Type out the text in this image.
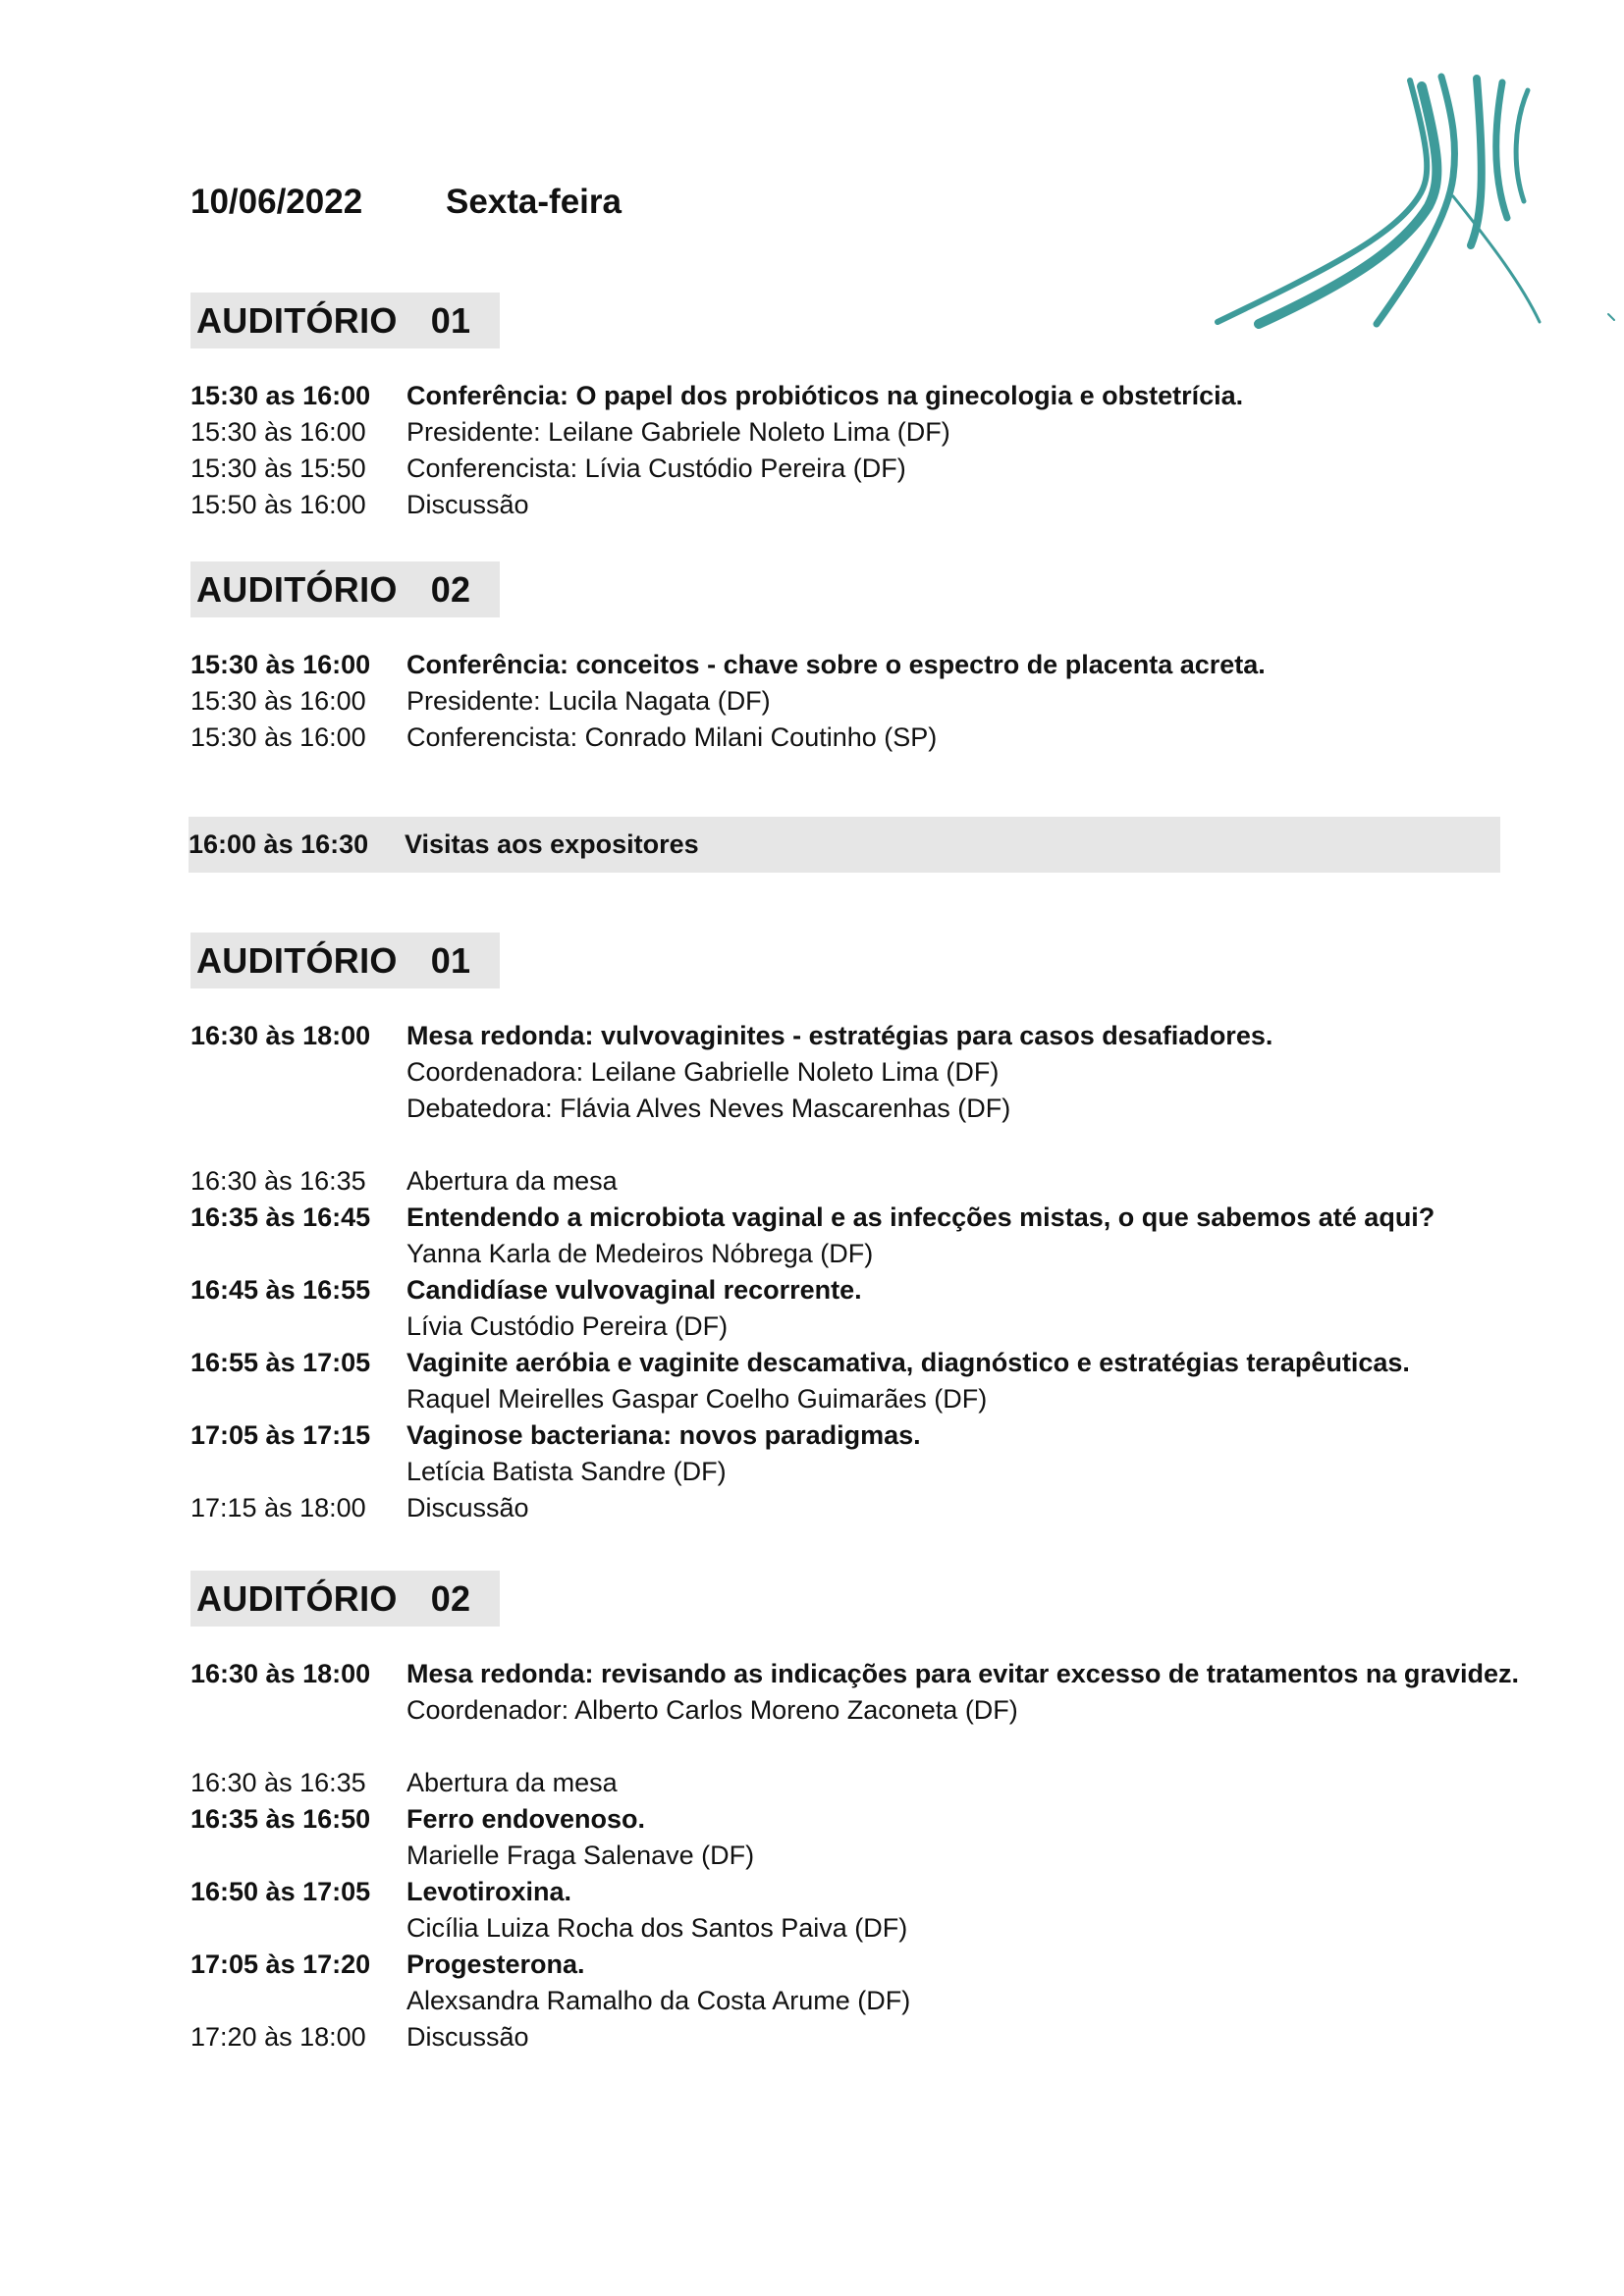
10/06/2022 Sexta-feira
AUDITÓRIO 01
15:30 as 16:00 Conferência: O papel dos probióticos na ginecologia e obstetrícia.
15:30 às 16:00 Presidente: Leilane Gabriele Noleto Lima (DF)
15:30 às 15:50 Conferencista: Lívia Custódio Pereira (DF)
15:50 às 16:00 Discussão
AUDITÓRIO 02
15:30 às 16:00 Conferência: conceitos - chave sobre o espectro de placenta acreta.
15:30 às 16:00 Presidente: Lucila Nagata (DF)
15:30 às 16:00 Conferencista: Conrado Milani Coutinho (SP)
16:00 às 16:30 Visitas aos expositores
AUDITÓRIO 01
16:30 às 18:00 Mesa redonda: vulvovaginites - estratégias para casos desafiadores.
Coordenadora: Leilane Gabrielle Noleto Lima (DF)
Debatedora: Flávia Alves Neves Mascarenhas (DF)
16:30 às 16:35 Abertura da mesa
16:35 às 16:45 Entendendo a microbiota vaginal e as infecções mistas, o que sabemos até aqui?
Yanna Karla de Medeiros Nóbrega (DF)
16:45 às 16:55 Candidíase vulvovaginal recorrente.
Lívia Custódio Pereira (DF)
16:55 às 17:05 Vaginite aeróbia e vaginite descamativa, diagnóstico e estratégias terapêuticas.
Raquel Meirelles Gaspar Coelho Guimarães (DF)
17:05 às 17:15 Vaginose bacteriana: novos paradigmas.
Letícia Batista Sandre (DF)
17:15 às 18:00 Discussão
AUDITÓRIO 02
16:30 às 18:00 Mesa redonda: revisando as indicações para evitar excesso de tratamentos na gravidez.
Coordenador: Alberto Carlos Moreno Zaconeta (DF)
16:30 às 16:35 Abertura da mesa
16:35 às 16:50 Ferro endovenoso.
Marielle Fraga Salenave (DF)
16:50 às 17:05 Levotiroxina.
Cicília Luiza Rocha dos Santos Paiva (DF)
17:05 às 17:20 Progesterona.
Alexsandra Ramalho da Costa Arume (DF)
17:20 às 18:00 Discussão
